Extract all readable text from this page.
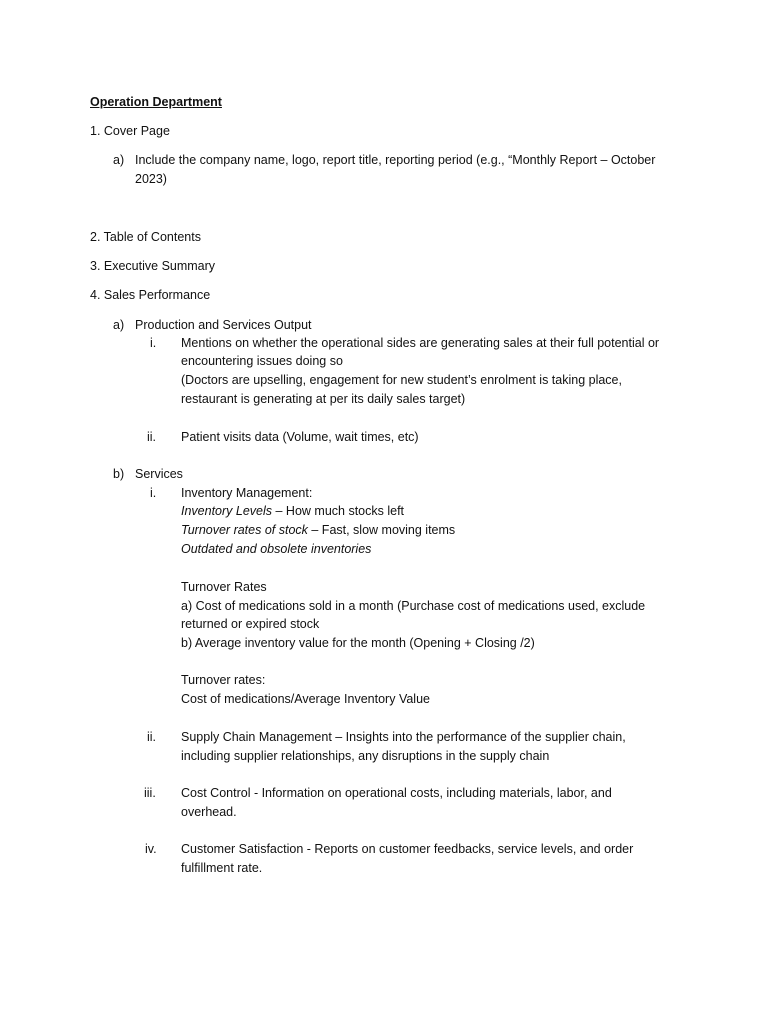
Operation Department
1. Cover Page
a) Include the company name, logo, report title, reporting period (e.g., “Monthly Report – October
2023)
2. Table of Contents
3. Executive Summary
4. Sales Performance
a) Production and Services Output
i. Mentions on whether the operational sides are generating sales at their full potential or
encountering issues doing so
(Doctors are upselling, engagement for new student’s enrolment is taking place,
restaurant is generating at per its daily sales target)
ii. Patient visits data (Volume, wait times, etc)
b) Services
i. Inventory Management:
Inventory Levels – How much stocks left
Turnover rates of stock – Fast, slow moving items
Outdated and obsolete inventories
Turnover Rates
a) Cost of medications sold in a month (Purchase cost of medications used, exclude
returned or expired stock
b) Average inventory value for the month (Opening + Closing /2)
Turnover rates:
Cost of medications/Average Inventory Value
ii. Supply Chain Management – Insights into the performance of the supplier chain,
including supplier relationships, any disruptions in the supply chain
iii. Cost Control - Information on operational costs, including materials, labor, and
overhead.
iv. Customer Satisfaction - Reports on customer feedbacks, service levels, and order
fulfillment rate.
